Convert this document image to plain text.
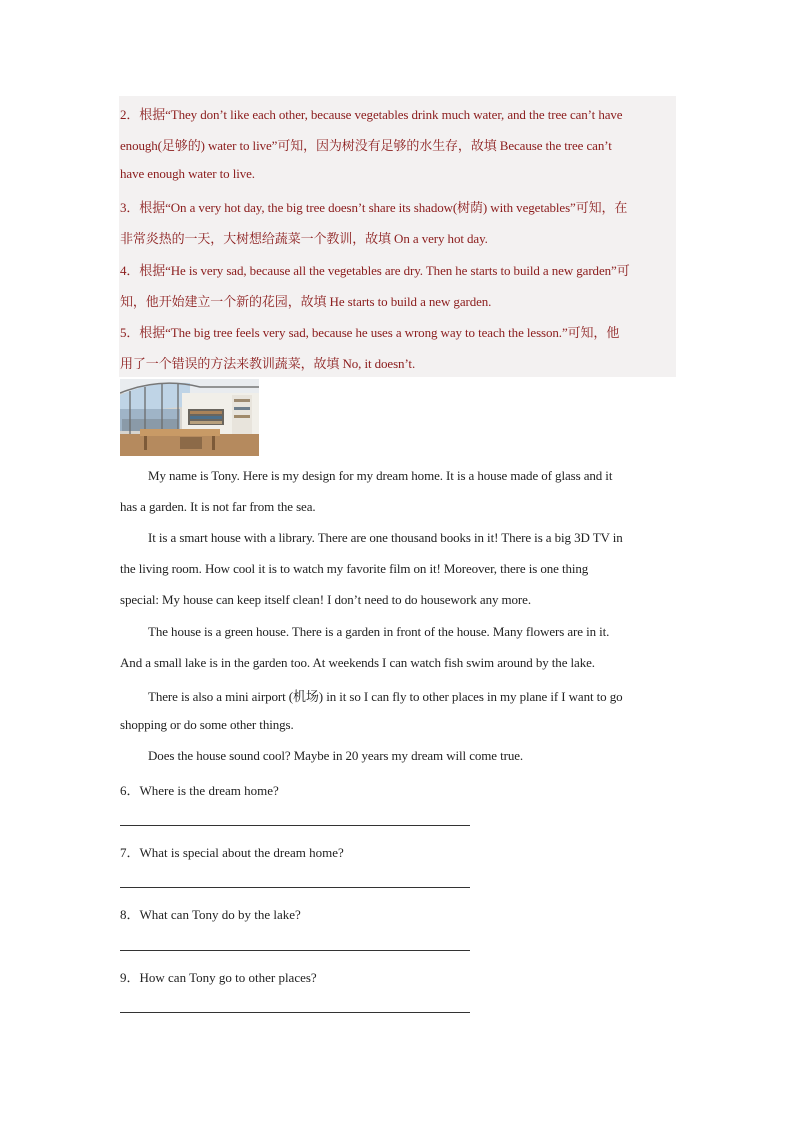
2．根据“They don’t like each other, because vegetables drink much water, and the tree can’t have
enough(足够的) water to live”可知，因为树没有足够的水生存，故填 Because the tree can’t
have enough water to live.
3．根据“On a very hot day, the big tree doesn’t share its shadow(树荫) with vegetables”可知，在
非常炎热的一天，大树想给蔬菜一个教训，故填 On a very hot day.
4．根据“He is very sad, because all the vegetables are dry. Then he starts to build a new garden”可
知，他开始建立一个新的花园，故填 He starts to build a new garden.
5．根据“The big tree feels very sad, because he uses a wrong way to teach the lesson.”可知，他
用了一个错误的方法来教训蔬菜，故填 No, it doesn’t.
My name is Tony. Here is my design for my dream home. It is a house made of glass and it
has a garden. It is not far from the sea.
It is a smart house with a library. There are one thousand books in it! There is a big 3D TV in
the living room. How cool it is to watch my favorite film on it! Moreover, there is one thing
special: My house can keep itself clean! I don’t need to do housework any more.
The house is a green house. There is a garden in front of the house. Many flowers are in it.
And a small lake is in the garden too. At weekends I can watch fish swim around by the lake.
There is also a mini airport (机场) in it so I can fly to other places in my plane if I want to go
shopping or do some other things.
Does the house sound cool? Maybe in 20 years my dream will come true.
6．Where is the dream home?
7．What is special about the dream home?
8．What can Tony do by the lake?
9．How can Tony go to other places?
